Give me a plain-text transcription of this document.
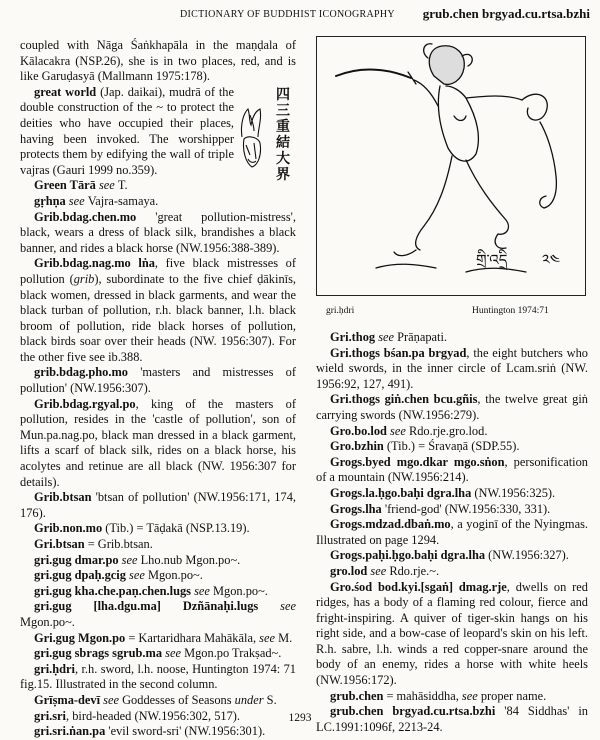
DICTIONARY OF BUDDHIST ICONOGRAPHY grub.chen brgyad.cu.rtsa.bzhi

coupled with Nāga Śaṅkhapāla in the maṇḍala of Kālacakra (NSP.26), she is in two places, red, and is like Garuḍasyā (Mallmann 1975:178).

great world (Jap. daikai), mudrā of the double construction of the ~ to protect the deities who have occupied their places, having been invoked. The worshipper protects them by edifying the wall of triple vajras (Gauri 1999 no.359).

四三重結大界

Green Tārā see T.

gṛhṇa see Vajra-samaya.

Grib.bdag.chen.mo 'great pollution-mistress', black, wears a dress of black silk, brandishes a black banner, and rides a black horse (NW.1956:388-389).

Grib.bdag.nag.mo lṅa, five black mistresses of pollution (grib), subordinate to the five chief ḍākinīs, black women, dressed in black garments, and wear the black turban of pollution, r.h. black banner, l.h. black broom of pollution, ride black horses of pollution, black birds soar over their heads (NW. 1956:307). For the other five see ib.388.

grib.bdag.pho.mo 'masters and mistresses of pollution' (NW.1956:307).

Grib.bdag.rgyal.po, king of the masters of pollution, resides in the 'castle of pollution', son of Mun.pa.nag.po, black man dressed in a black garment, lifts a scarf of black silk, rides on a black horse, his acolytes and retinue are all black (NW. 1956:307 for details).

Grib.btsan 'btsan of pollution' (NW.1956:171, 174, 176).

Grib.non.mo (Tib.) = Tāḍakā (NSP.13.19).

Gri.btsan = Grib.btsan.

gri.gug dmar.po see Lho.nub Mgon.po~.

gri.gug dpaḥ.gcig see Mgon.po~.

gri.gug kha.che.paṇ.chen.lugs see Mgon.po~.

gri.gug [lha.dgu.ma] Dzñānaḥi.lugs see Mgon.po~.

Gri.gug Mgon.po = Kartaridhara Mahākāla, see M.

gri.gug sbrags sgrub.ma see Mgon.po Trakṣad~.

gri.ḥdri, r.h. sword, l.h. noose, Huntington 1974: 71 fig.15. Illustrated in the second column.

Grīṣma-devī see Goddesses of Seasons under S.

gri.sri, bird-headed (NW.1956:302, 517).

gri.sri.ṅan.pa 'evil sword-sri' (NW.1956:301).

གྲི་འདྲི ༢༤
gri.ḥdri	Huntington 1974:71

Gri.thog see Prāṇapati.

Gri.thogs bśan.pa brgyad, the eight butchers who wield swords, in the inner circle of Lcam.sriṅ (NW. 1956:92, 127, 491).

Gri.thogs giṅ.chen bcu.gñis, the twelve great giṅ carrying swords (NW.1956:279).

Gro.bo.lod see Rdo.rje.gro.lod.

Gro.bzhin (Tib.) = Śravaṇā (SDP.55).

Grogs.byed mgo.dkar mgo.sṅon, personification of a mountain (NW.1956:214).

Grogs.la.ḥgo.baḥi dgra.lha (NW.1956:325).

Grogs.lha 'friend-god' (NW.1956:330, 331).

Grogs.mdzad.dbaṅ.mo, a yoginī of the Nyingmas. Illustrated on page 1294.

Grogs.paḥi.ḥgo.baḥi dgra.lha (NW.1956:327).

gro.lod see Rdo.rje.~.

Gro.śod bod.kyi.[sgaṅ] dmag.rje, dwells on red ridges, has a body of a flaming red colour, fierce and fright-inspiring. A quiver of tiger-skin hangs on his right side, and a bow-case of leopard's skin on his left. R.h. sabre, l.h. winds a red copper-snare around the body of an enemy, rides a horse with white heels (NW.1956:172).

grub.chen = mahāsiddha, see proper name.

grub.chen brgyad.cu.rtsa.bzhi '84 Siddhas' in LC.1991:1096f, 2213-24.

1293
